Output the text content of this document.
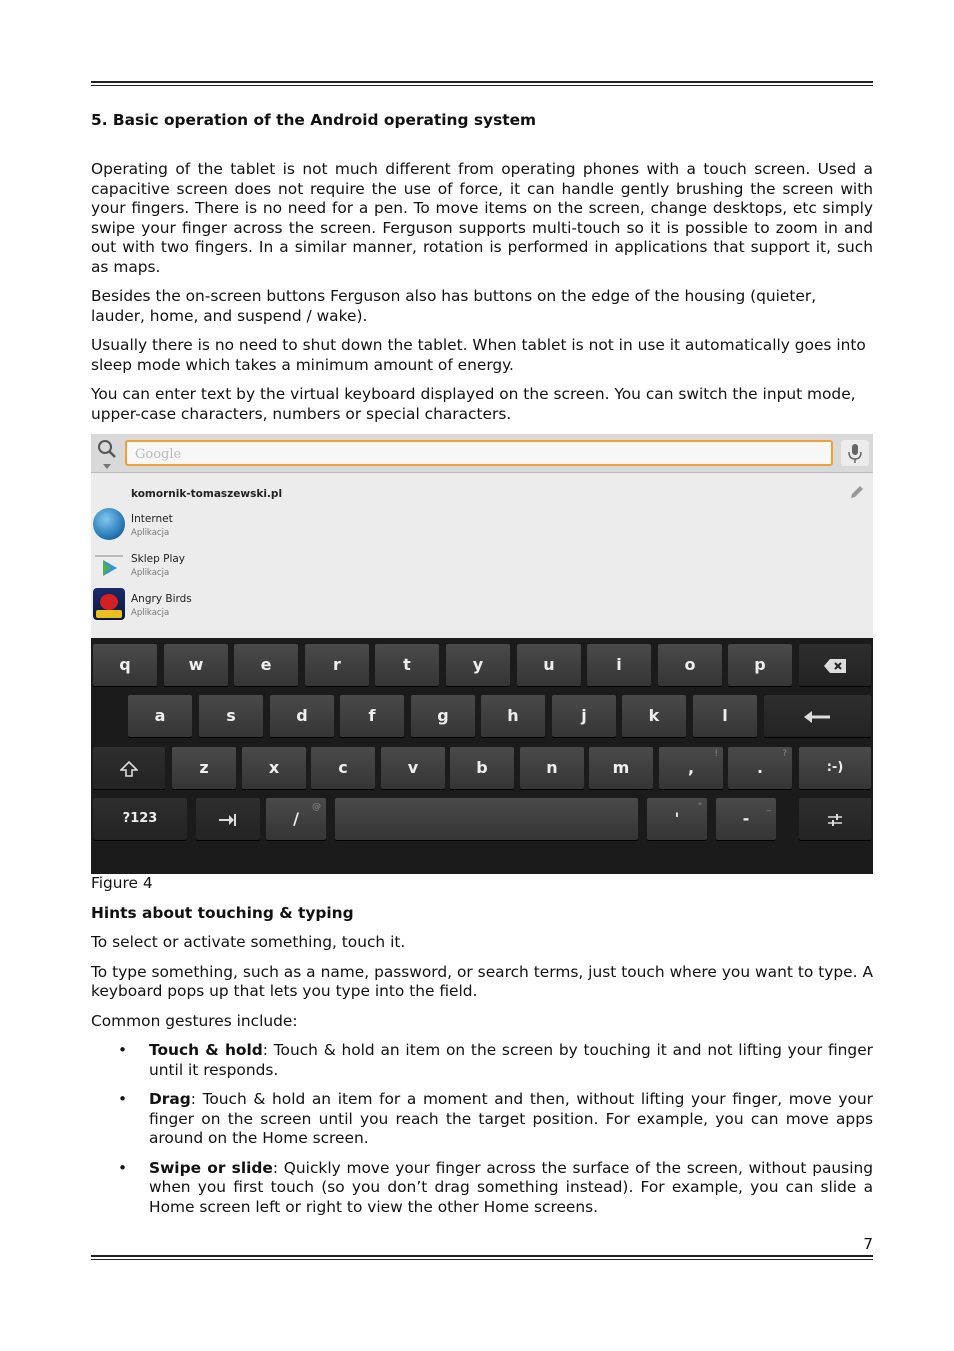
5. Basic operation of the Android operating system

Operating of the tablet is not much different from operating phones with a touch screen. Used a capacitive screen does not require the use of force, it can handle gently brushing the screen with your fingers. There is no need for a pen. To move items on the screen, change desktops, etc simply swipe your finger across the screen. Ferguson supports multi-touch so it is possible to zoom in and out with two fingers. In a similar manner, rotation is performed in applications that support it, such as maps.

Besides the on-screen buttons Ferguson also has buttons on the edge of the housing (quieter, lauder, home, and suspend / wake).

Usually there is no need to shut down the tablet. When tablet is not in use it automatically goes into sleep mode which takes a minimum amount of energy.

You can enter text by the virtual keyboard displayed on the screen. You can switch the input mode, upper-case characters, numbers or special characters.

Google
komornik-tomaszewski.pl
Internet
Aplikacja
Sklep Play
Aplikacja
Angry Birds
Aplikacja
q	w	e	r	t	y	u	i	o	p
a	s	d	f	g	h	j	k	l
z	x	c	v	b	n	m	,
!
.
?
:-)
?123	/
@
'
"
-
_

Figure 4

Hints about touching & typing

To select or activate something, touch it.

To type something, such as a name, password, or search terms, just touch where you want to type. A keyboard pops up that lets you type into the field.

Common gestures include:

• Touch & hold: Touch & hold an item on the screen by touching it and not lifting your finger until it responds.
• Drag: Touch & hold an item for a moment and then, without lifting your finger, move your finger on the screen until you reach the target position. For example, you can move apps around on the Home screen.
• Swipe or slide: Quickly move your finger across the surface of the screen, without pausing when you first touch (so you don’t drag something instead). For example, you can slide a Home screen left or right to view the other Home screens.
7
